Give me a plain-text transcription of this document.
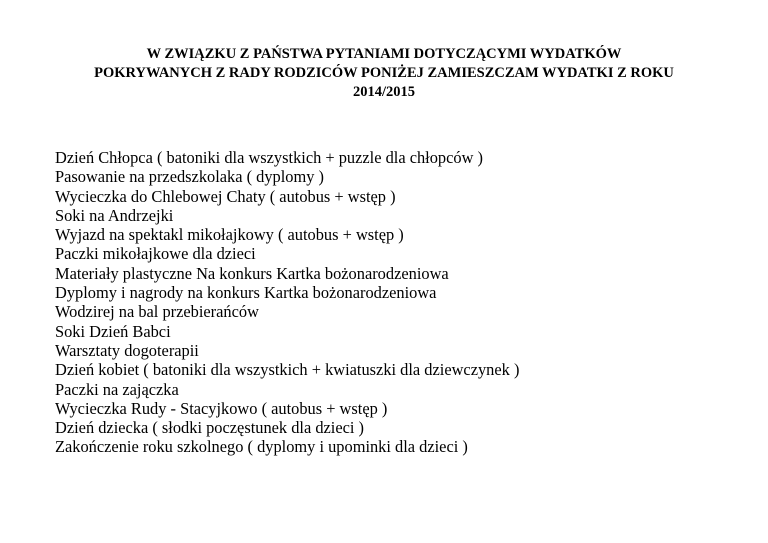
W ZWIĄZKU Z PAŃSTWA PYTANIAMI DOTYCZĄCYMI WYDATKÓW
POKRYWANYCH Z RADY RODZICÓW PONIŻEJ ZAMIESZCZAM WYDATKI Z ROKU
2014/2015
Dzień Chłopca ( batoniki dla wszystkich + puzzle dla chłopców )
Pasowanie na przedszkolaka ( dyplomy )
Wycieczka do Chlebowej Chaty ( autobus + wstęp )
Soki na Andrzejki
Wyjazd na spektakl mikołajkowy ( autobus + wstęp )
Paczki mikołajkowe dla dzieci
Materiały plastyczne Na konkurs Kartka bożonarodzeniowa
Dyplomy i nagrody na konkurs Kartka bożonarodzeniowa
Wodzirej na bal przebierańców
Soki Dzień Babci
Warsztaty dogoterapii
Dzień kobiet ( batoniki dla wszystkich + kwiatuszki dla dziewczynek )
Paczki na zajączka
Wycieczka Rudy - Stacyjkowo ( autobus + wstęp )
Dzień dziecka ( słodki poczęstunek dla dzieci )
Zakończenie roku szkolnego ( dyplomy i upominki dla dzieci )
